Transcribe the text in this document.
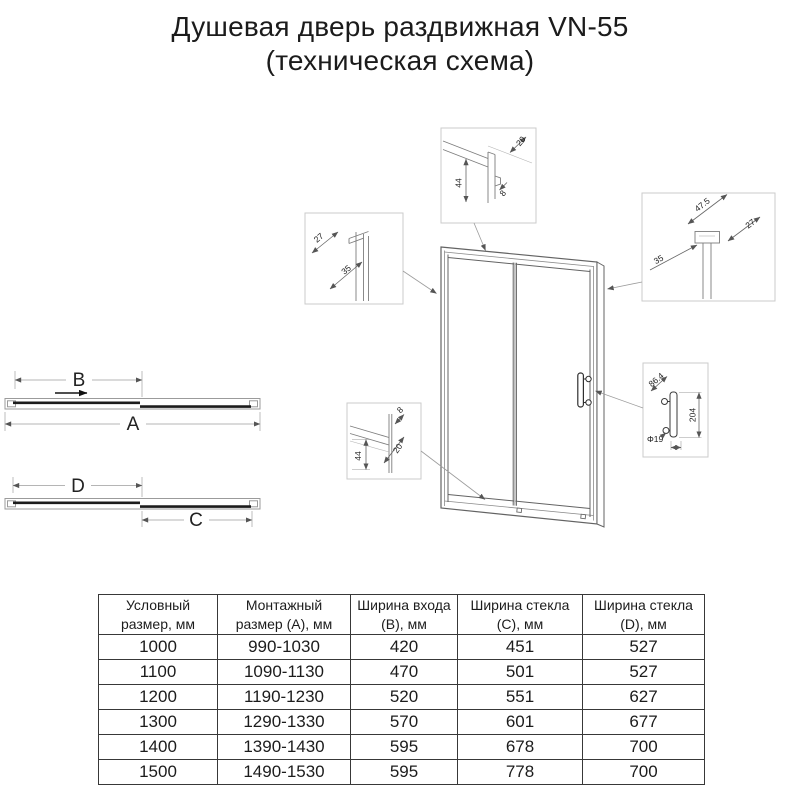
Душевая дверь раздвижная VN-55
(техническая схема)
B
A
D
C
44
8
20
27
35
47.5
27
35
86.4
204
Φ19
8
20
44
Условный размер, мм	Монтажный размер (А), мм	Ширина входа (B), мм	Ширина стекла (C), мм	Ширина стекла (D), мм
1000	990-1030	420	451	527
1100	1090-1130	470	501	527
1200	1190-1230	520	551	627
1300	1290-1330	570	601	677
1400	1390-1430	595	678	700
1500	1490-1530	595	778	700
